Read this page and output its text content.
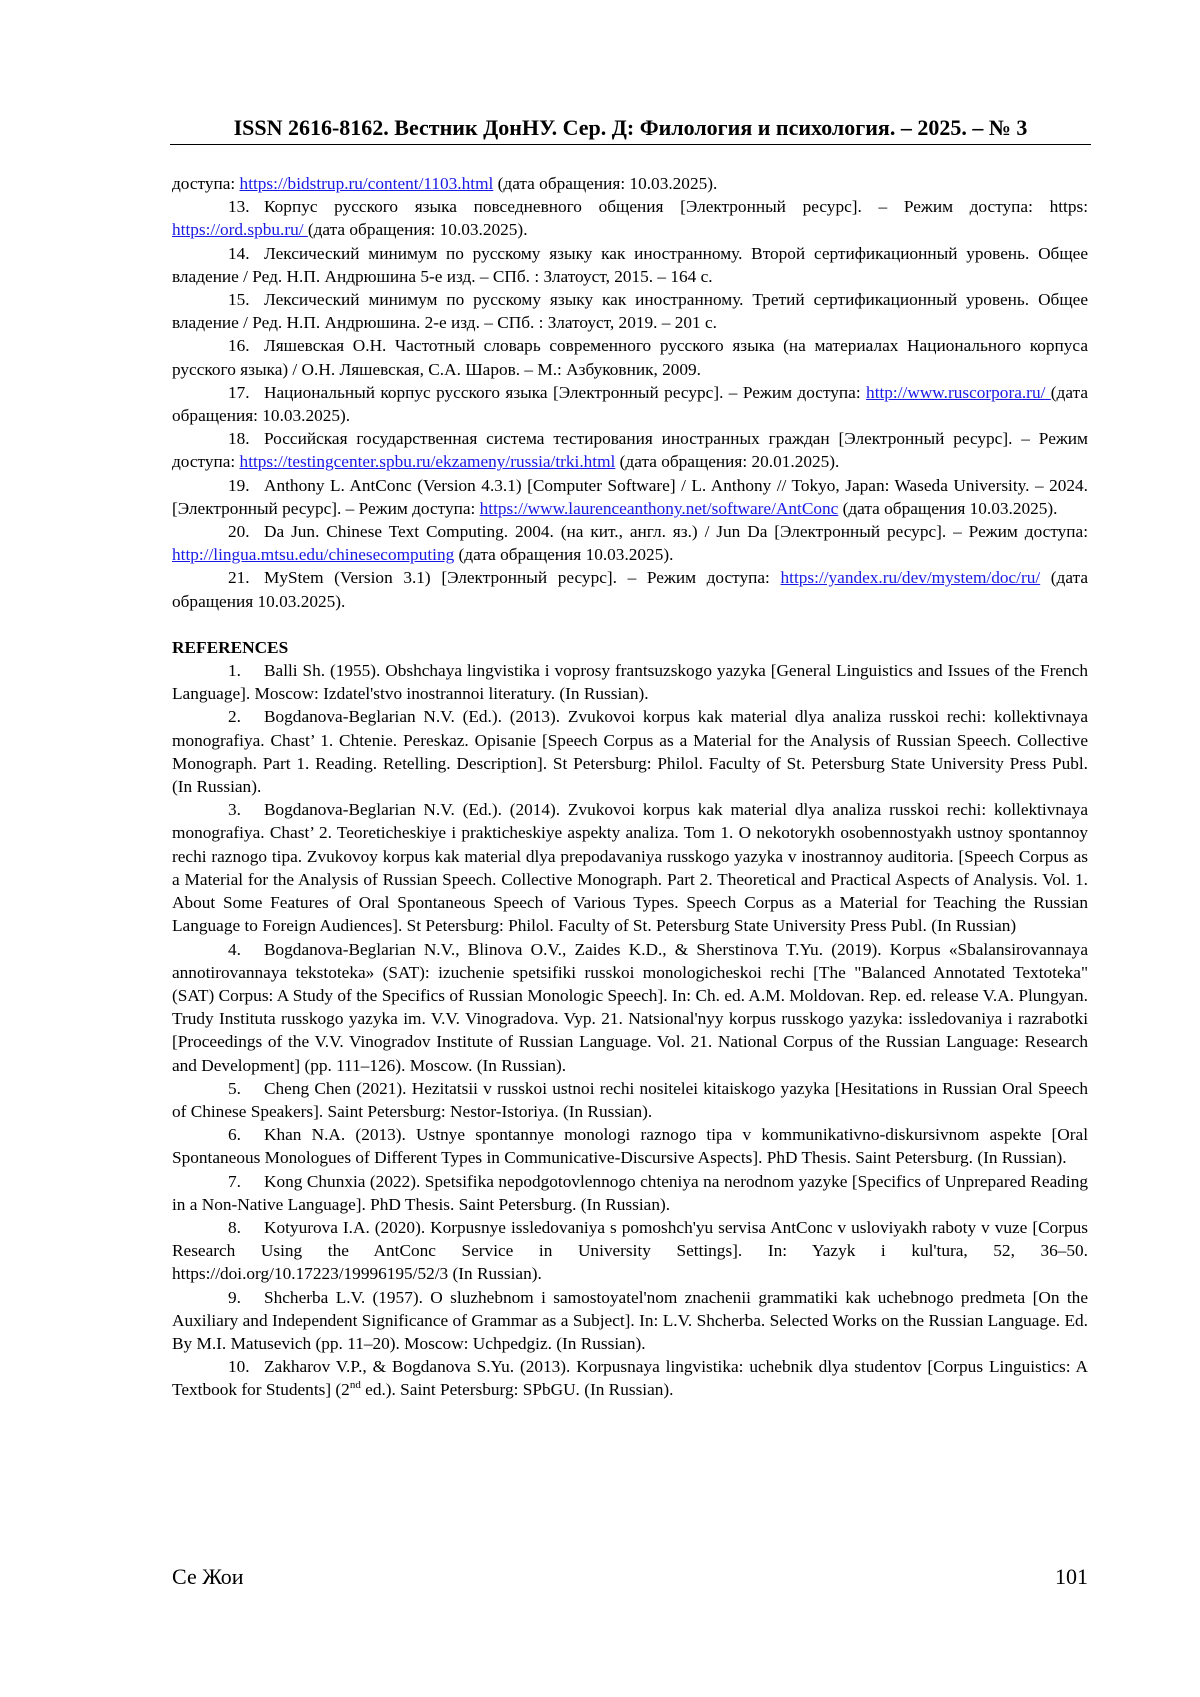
ISSN 2616-8162. Вестник ДонНУ. Сер. Д: Филология и психология. – 2025. – № 3

доступа: https://bidstrup.ru/content/1103.html (дата обращения: 10.03.2025).

13. Корпус русского языка повседневного общения [Электронный ресурс]. – Режим доступа: https: https://ord.spbu.ru/ (дата обращения: 10.03.2025).

14. Лексический минимум по русскому языку как иностранному. Второй сертификационный уровень. Общее владение / Ред. Н.П. Андрюшина 5-е изд. – СПб. : Златоуст, 2015. – 164 с.

15. Лексический минимум по русскому языку как иностранному. Третий сертификационный уровень. Общее владение / Ред. Н.П. Андрюшина. 2-е изд. – СПб. : Златоуст, 2019. – 201 с.

16. Ляшевская О.Н. Частотный словарь современного русского языка (на материалах Национального корпуса русского языка) / О.Н. Ляшевская, С.А. Шаров. – М.: Азбуковник, 2009.

17. Национальный корпус русского языка [Электронный ресурс]. – Режим доступа: http://www.ruscorpora.ru/ (дата обращения: 10.03.2025).

18. Российская государственная система тестирования иностранных граждан [Электронный ресурс]. – Режим доступа: https://testingcenter.spbu.ru/ekzameny/russia/trki.html (дата обращения: 20.01.2025).

19. Anthony L. AntConc (Version 4.3.1) [Computer Software] / L. Anthony // Tokyo, Japan: Waseda University. – 2024. [Электронный ресурс]. – Режим доступа: https://www.laurenceanthony.net/software/AntConc (дата обращения 10.03.2025).

20. Da Jun. Chinese Text Computing. 2004. (на кит., англ. яз.) / Jun Da [Электронный ресурс]. – Режим доступа: http://lingua.mtsu.edu/chinesecomputing (дата обращения 10.03.2025).

21. MyStem (Version 3.1) [Электронный ресурс]. – Режим доступа: https://yandex.ru/dev/mystem/doc/ru/ (дата обращения 10.03.2025).

REFERENCES

1. Balli Sh. (1955). Obshchaya lingvistika i voprosy frantsuzskogo yazyka [General Linguistics and Issues of the French Language]. Moscow: Izdatel'stvo inostrannoi literatury. (In Russian).

2. Bogdanova-Beglarian N.V. (Ed.). (2013). Zvukovoi korpus kak material dlya analiza russkoi rechi: kollektivnaya monografiya. Chast’ 1. Chtenie. Pereskaz. Opisanie [Speech Corpus as a Material for the Analysis of Russian Speech. Collective Monograph. Part 1. Reading. Retelling. Description]. St Petersburg: Philol. Faculty of St. Petersburg State University Press Publ. (In Russian).

3. Bogdanova-Beglarian N.V. (Ed.). (2014). Zvukovoi korpus kak material dlya analiza russkoi rechi: kollektivnaya monografiya. Chast’ 2. Teoreticheskiye i prakticheskiye aspekty analiza. Tom 1. O nekotorykh osobennostyakh ustnoy spontannoy rechi raznogo tipa. Zvukovoy korpus kak material dlya prepodavaniya russkogo yazyka v inostrannoy auditoria. [Speech Corpus as a Material for the Analysis of Russian Speech. Collective Monograph. Part 2. Theoretical and Practical Aspects of Analysis. Vol. 1. About Some Features of Oral Spontaneous Speech of Various Types. Speech Corpus as a Material for Teaching the Russian Language to Foreign Audiences]. St Petersburg: Philol. Faculty of St. Petersburg State University Press Publ. (In Russian)

4. Bogdanova-Beglarian N.V., Blinova O.V., Zaides K.D., & Sherstinova T.Yu. (2019). Korpus «Sbalansirovannaya annotirovannaya tekstoteka» (SAT): izuchenie spetsifiki russkoi monologicheskoi rechi [The "Balanced Annotated Textoteka" (SAT) Corpus: A Study of the Specifics of Russian Monologic Speech]. In: Ch. ed. A.M. Moldovan. Rep. ed. release V.A. Plungyan. Trudy Instituta russkogo yazyka im. V.V. Vinogradova. Vyp. 21. Natsional'nyy korpus russkogo yazyka: issledovaniya i razrabotki [Proceedings of the V.V. Vinogradov Institute of Russian Language. Vol. 21. National Corpus of the Russian Language: Research and Development] (pp. 111–126). Moscow. (In Russian).

5. Cheng Chen (2021). Hezitatsii v russkoi ustnoi rechi nositelei kitaiskogo yazyka [Hesitations in Russian Oral Speech of Chinese Speakers]. Saint Petersburg: Nestor-Istoriya. (In Russian).

6. Khan N.A. (2013). Ustnye spontannye monologi raznogo tipa v kommunikativno-diskursivnom aspekte [Oral Spontaneous Monologues of Different Types in Communicative-Discursive Aspects]. PhD Thesis. Saint Petersburg. (In Russian).

7. Kong Chunxia (2022). Spetsifika nepodgotovlennogo chteniya na nerodnom yazyke [Specifics of Unprepared Reading in a Non-Native Language]. PhD Thesis. Saint Petersburg. (In Russian).

8. Kotyurova I.A. (2020). Korpusnye issledovaniya s pomoshch'yu servisa AntConc v usloviyakh raboty v vuze [Corpus Research Using the AntConc Service in University Settings]. In: Yazyk i kul'tura, 52, 36–50. https://doi.org/10.17223/19996195/52/3 (In Russian).

9. Shcherba L.V. (1957). O sluzhebnom i samostoyatel'nom znachenii grammatiki kak uchebnogo predmeta [On the Auxiliary and Independent Significance of Grammar as a Subject]. In: L.V. Shcherba. Selected Works on the Russian Language. Ed. By M.I. Matusevich (pp. 11–20). Moscow: Uchpedgiz. (In Russian).

10. Zakharov V.P., & Bogdanova S.Yu. (2013). Korpusnaya lingvistika: uchebnik dlya studentov [Corpus Linguistics: A Textbook for Students] (2nd ed.). Saint Petersburg: SPbGU. (In Russian).

Се Жои	101
